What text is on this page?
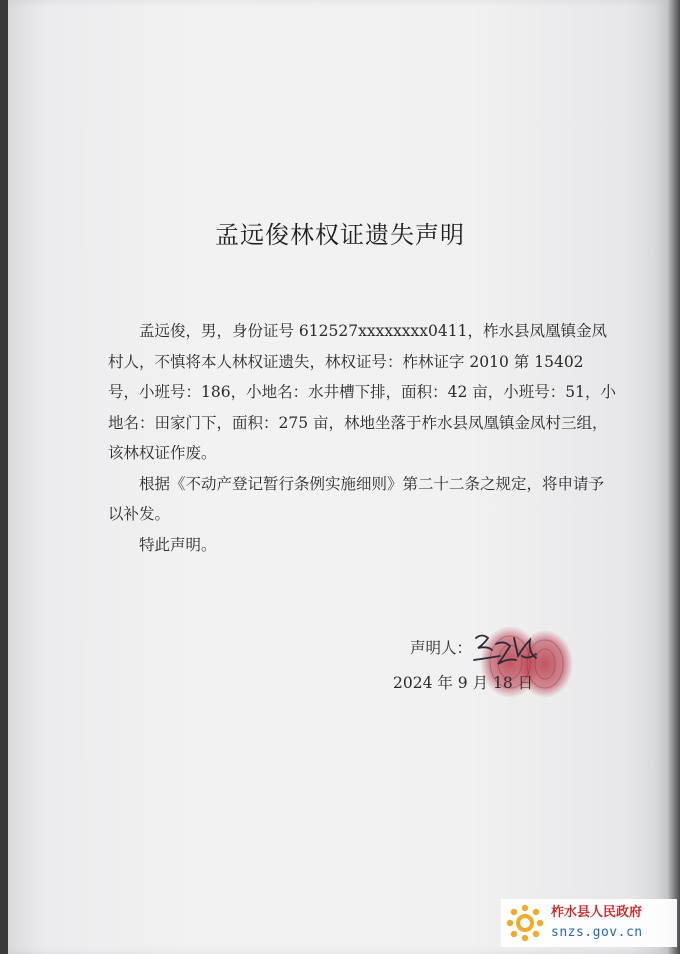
孟远俊林权证遗失声明

孟远俊，男，身份证号 612527xxxxxxxx0411，柞水县凤凰镇金凤村人，不慎将本人林权证遗失，林权证号：柞林证字 2010 第 15402 号，小班号：186，小地名：水井槽下排，面积：42 亩，小班号：51，小地名：田家门下，面积：275 亩，林地坐落于柞水县凤凰镇金凤村三组，该林权证作废。

根据《不动产登记暂行条例实施细则》第二十二条之规定，将申请予以补发。

特此声明。

声明人：
2024 年 9 月 18 日
柞水县人民政府
snzs.gov.cn
